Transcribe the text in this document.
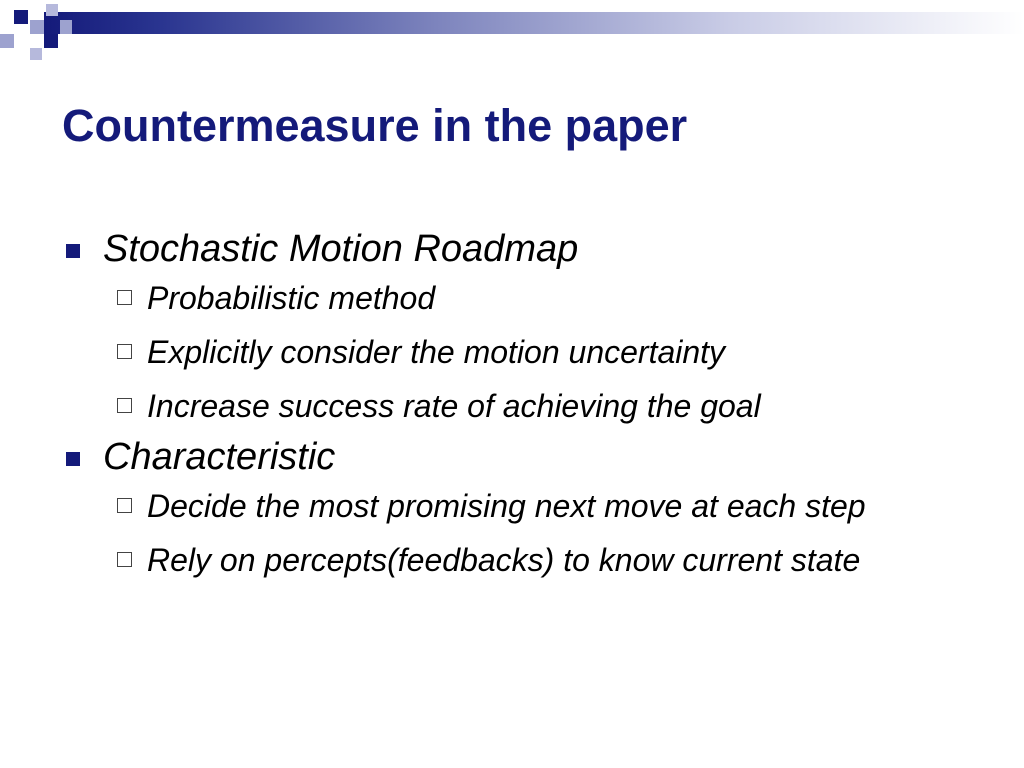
Countermeasure in the paper
Stochastic Motion Roadmap
Probabilistic method
Explicitly consider the motion uncertainty
Increase success rate of achieving the goal
Characteristic
Decide the most promising next move at each step
Rely on percepts(feedbacks) to know current state
